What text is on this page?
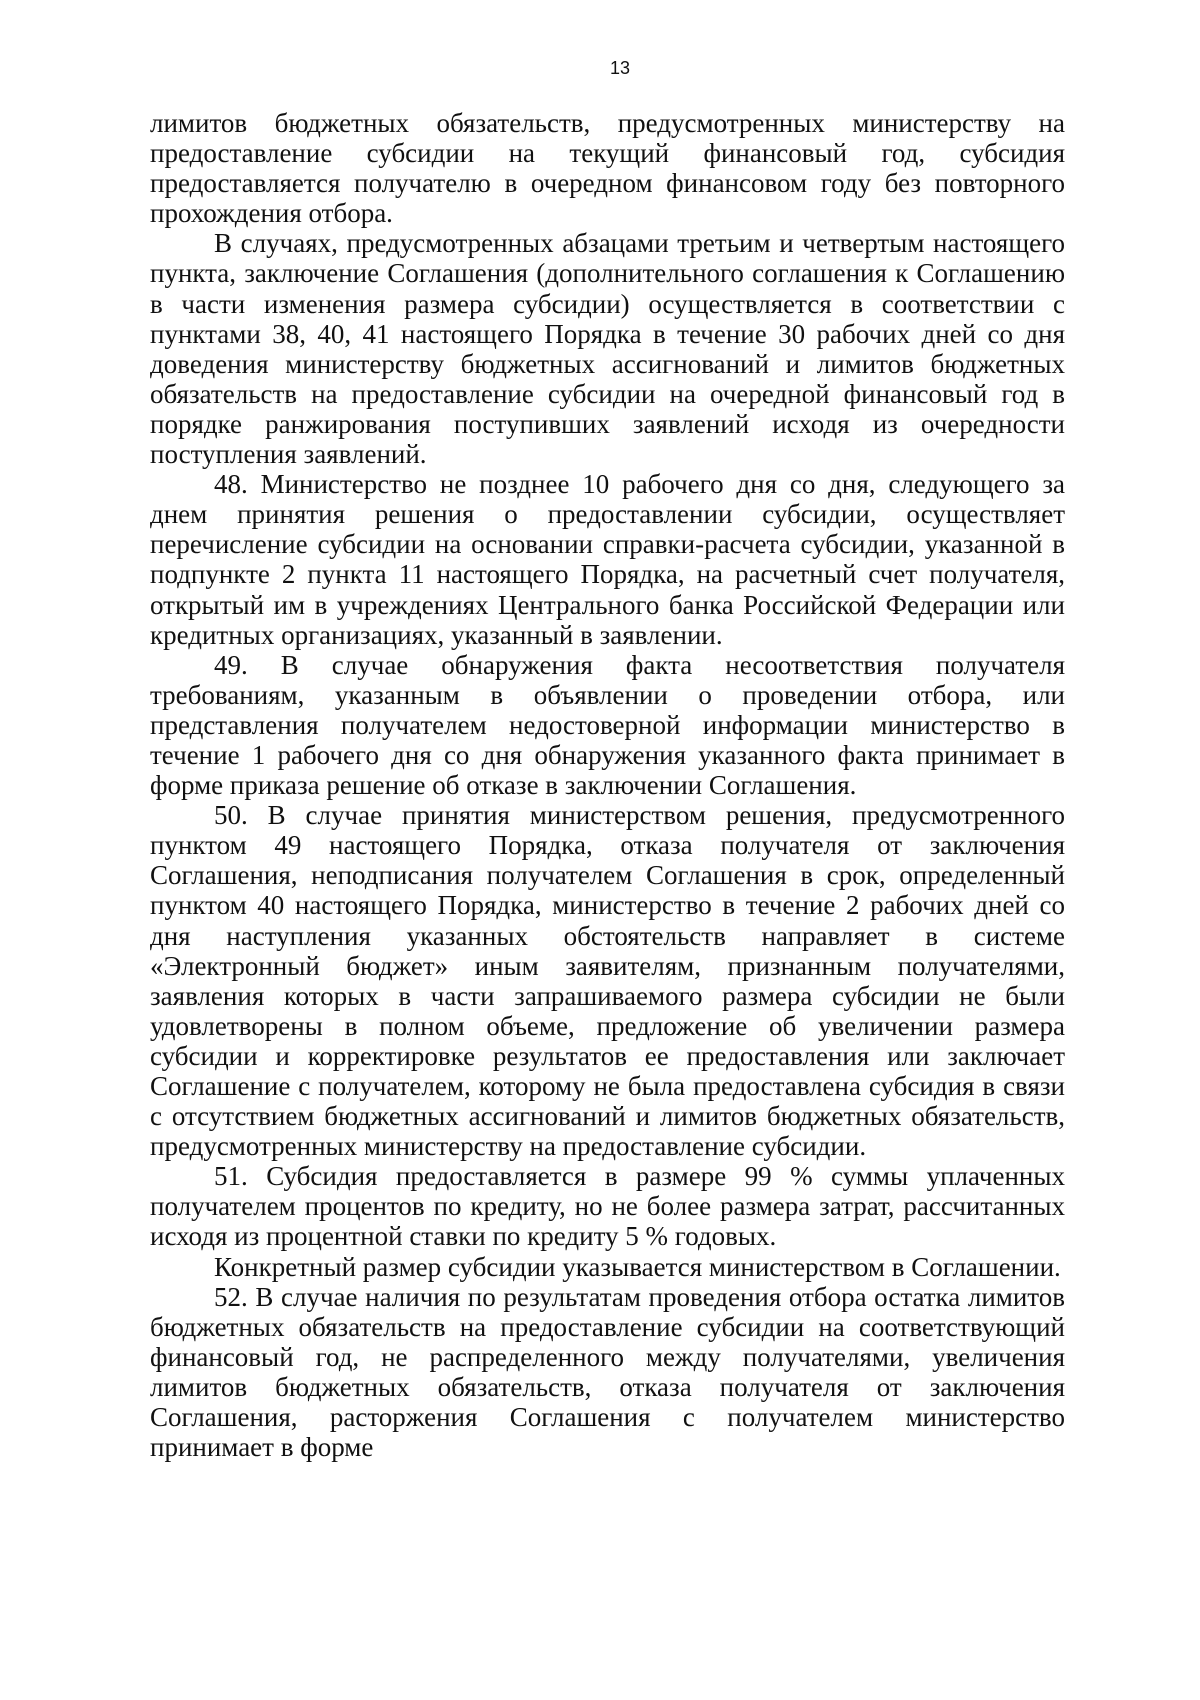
13

лимитов бюджетных обязательств, предусмотренных министерству на предоставление субсидии на текущий финансовый год, субсидия предоставляется получателю в очередном финансовом году без повторного прохождения отбора.

В случаях, предусмотренных абзацами третьим и четвертым настоящего пункта, заключение Соглашения (дополнительного соглашения к Соглашению в части изменения размера субсидии) осуществляется в соответствии с пунктами 38, 40, 41 настоящего Порядка в течение 30 рабочих дней со дня доведения министерству бюджетных ассигнований и лимитов бюджетных обязательств на предоставление субсидии на очередной финансовый год в порядке ранжирования поступивших заявлений исходя из очередности поступления заявлений.

48. Министерство не позднее 10 рабочего дня со дня, следующего за днем принятия решения о предоставлении субсидии, осуществляет перечисление субсидии на основании справки-расчета субсидии, указанной в подпункте 2 пункта 11 настоящего Порядка, на расчетный счет получателя, открытый им в учреждениях Центрального банка Российской Федерации или кредитных организациях, указанный в заявлении.

49. В случае обнаружения факта несоответствия получателя требованиям, указанным в объявлении о проведении отбора, или представления получателем недостоверной информации министерство в течение 1 рабочего дня со дня обнаружения указанного факта принимает в форме приказа решение об отказе в заключении Соглашения.

50. В случае принятия министерством решения, предусмотренного пунктом 49 настоящего Порядка, отказа получателя от заключения Соглашения, неподписания получателем Соглашения в срок, определенный пунктом 40 настоящего Порядка, министерство в течение 2 рабочих дней со дня наступления указанных обстоятельств направляет в системе «Электронный бюджет» иным заявителям, признанным получателями, заявления которых в части запрашиваемого размера субсидии не были удовлетворены в полном объеме, предложение об увеличении размера субсидии и корректировке результатов ее предоставления или заключает Соглашение с получателем, которому не была предоставлена субсидия в связи с отсутствием бюджетных ассигнований и лимитов бюджетных обязательств, предусмотренных министерству на предоставление субсидии.

51. Субсидия предоставляется в размере 99 % суммы уплаченных получателем процентов по кредиту, но не более размера затрат, рассчитанных исходя из процентной ставки по кредиту 5 % годовых.

Конкретный размер субсидии указывается министерством в Соглашении.

52. В случае наличия по результатам проведения отбора остатка лимитов бюджетных обязательств на предоставление субсидии на соответствующий финансовый год, не распределенного между получателями, увеличения лимитов бюджетных обязательств, отказа получателя от заключения Соглашения, расторжения Соглашения с получателем министерство принимает в форме
